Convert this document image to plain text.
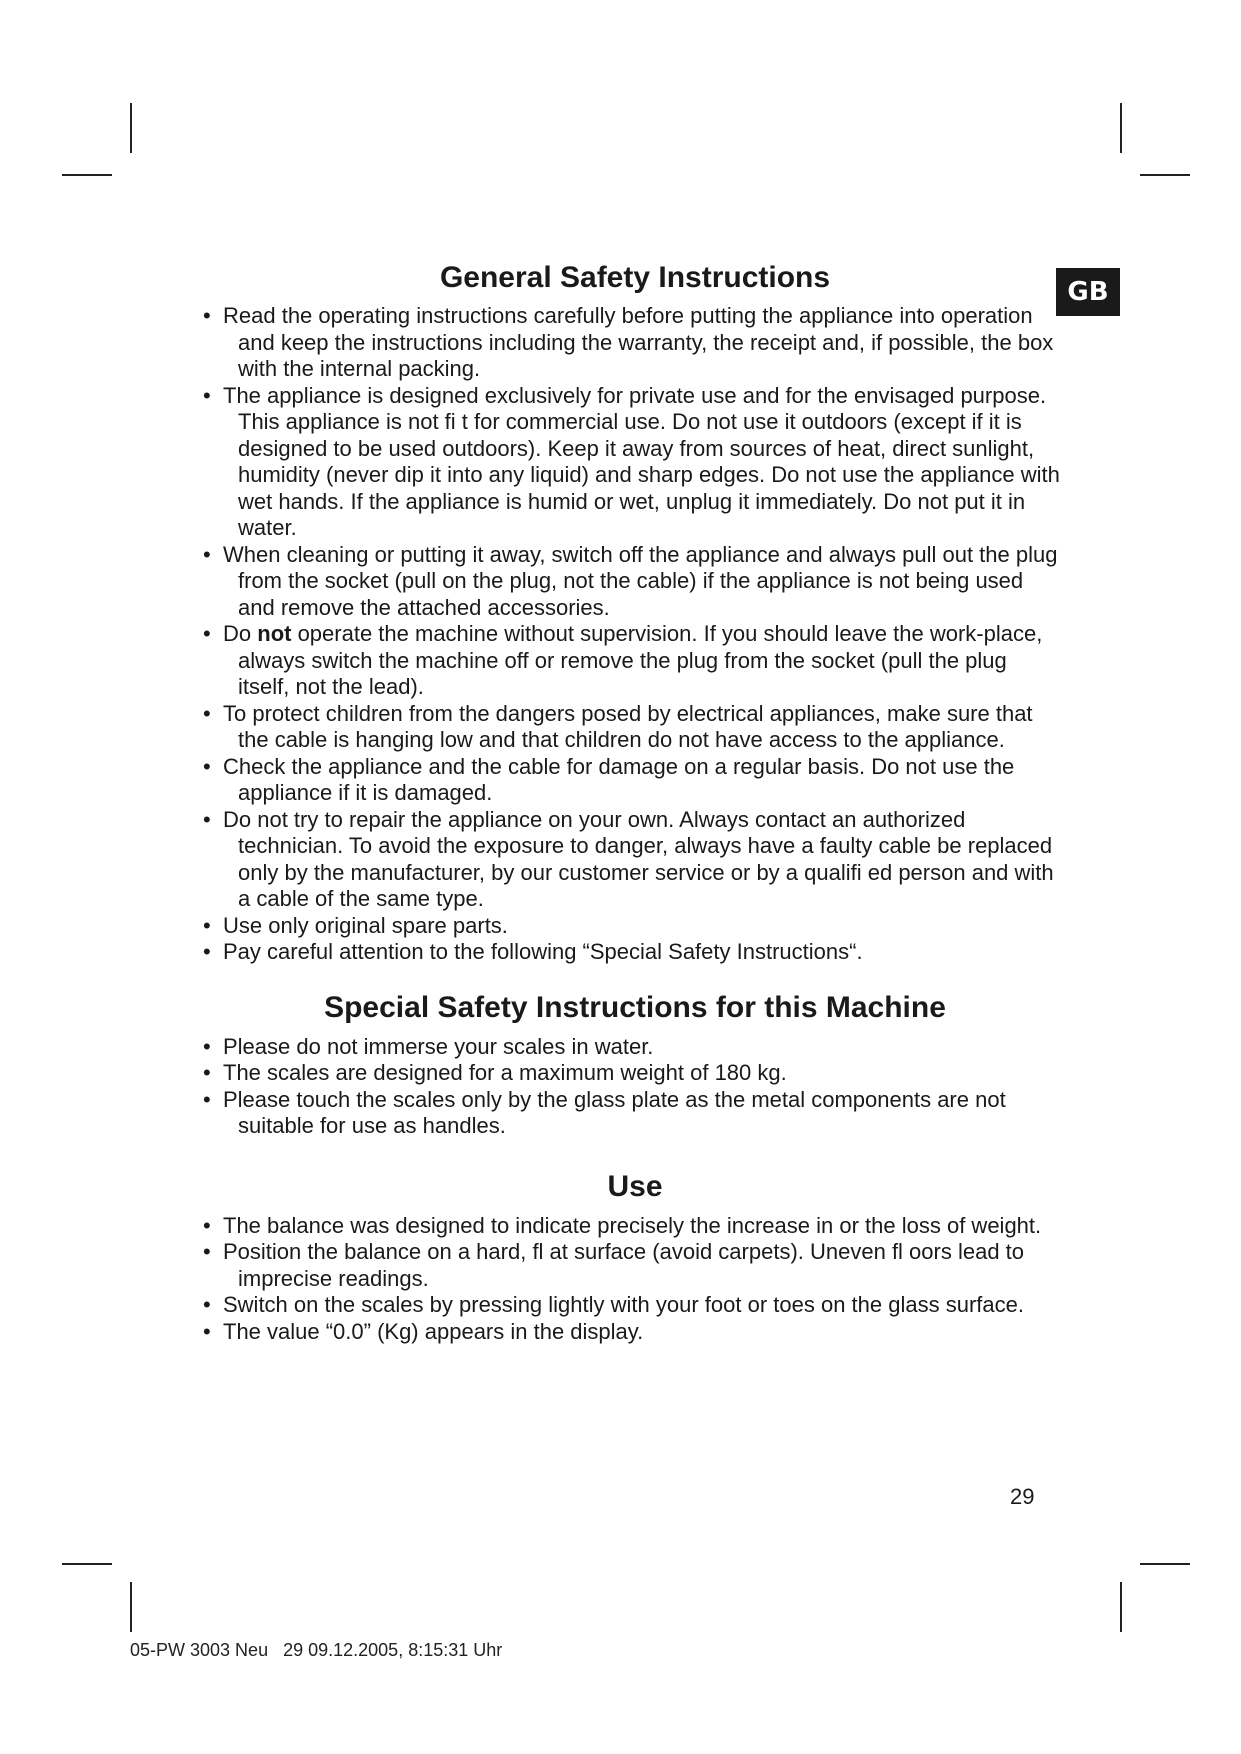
GB
General Safety Instructions
• Read the operating instructions carefully before putting the appliance into operation and keep the instructions including the warranty, the receipt and, if possible, the box with the internal packing.
• The appliance is designed exclusively for private use and for the envisaged purpose. This appliance is not fi t for commercial use. Do not use it outdoors (except if it is designed to be used outdoors). Keep it away from sources of heat, direct sunlight, humidity (never dip it into any liquid) and sharp edges. Do not use the appliance with wet hands. If the appliance is humid or wet, unplug it immediately. Do not put it in water.
• When cleaning or putting it away, switch off the appliance and always pull out the plug from the socket (pull on the plug, not the cable) if the appliance is not being used and remove the attached accessories.
• Do not operate the machine without supervision. If you should leave the work-place, always switch the machine off or remove the plug from the socket (pull the plug itself, not the lead).
• To protect children from the dangers posed by electrical appliances, make sure that the cable is hanging low and that children do not have access to the appliance.
• Check the appliance and the cable for damage on a regular basis. Do not use the appliance if it is damaged.
• Do not try to repair the appliance on your own. Always contact an authorized technician. To avoid the exposure to danger, always have a faulty cable be replaced only by the manufacturer, by our customer service or by a qualifi ed person and with a cable of the same type.
• Use only original spare parts.
• Pay careful attention to the following “Special Safety Instructions“.
Special Safety Instructions for this Machine
• Please do not immerse your scales in water.
• The scales are designed for a maximum weight of 180 kg.
• Please touch the scales only by the glass plate as the metal components are not suitable for use as handles.
Use
• The balance was designed to indicate precisely the increase in or the loss of weight.
• Position the balance on a hard, fl at surface (avoid carpets). Uneven fl oors lead to imprecise readings.
• Switch on the scales by pressing lightly with your foot or toes on the glass surface.
• The value “0.0” (Kg) appears in the display.
29
05-PW 3003 Neu   29 09.12.2005, 8:15:31 Uhr
